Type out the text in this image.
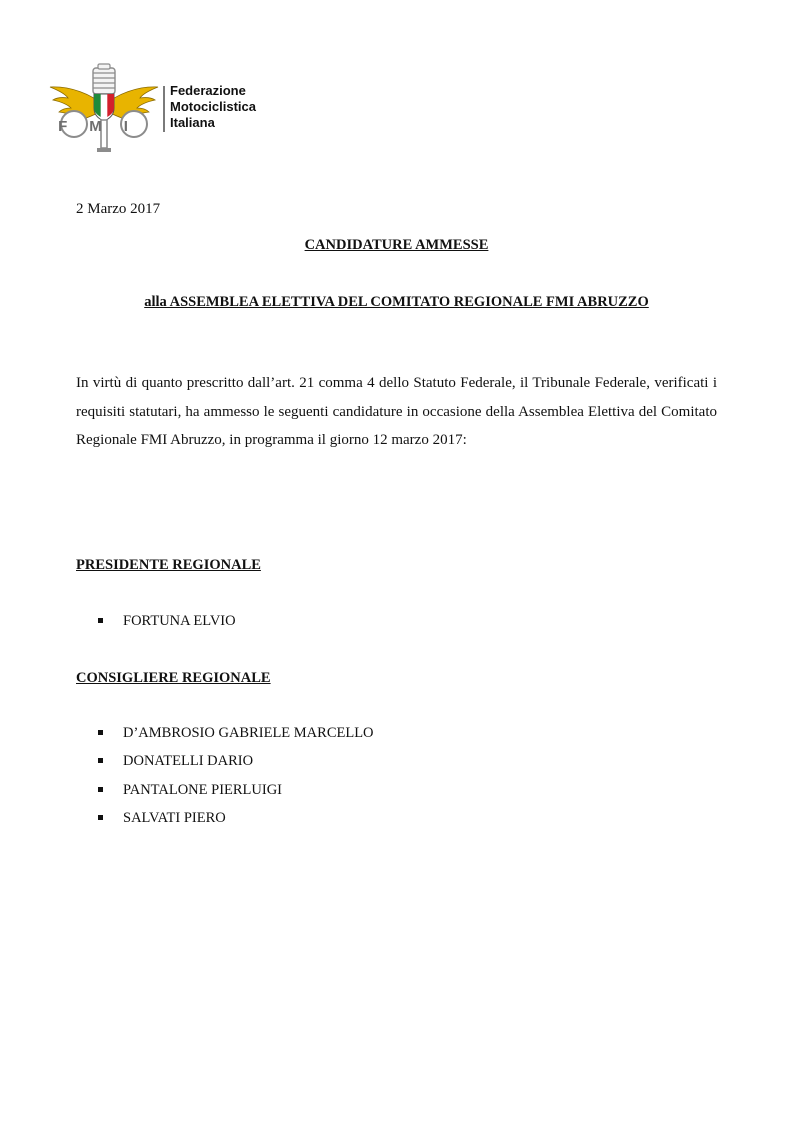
FMI
Federazione
Motociclistica
Italiana
2 Marzo 2017
CANDIDATURE AMMESSE
alla ASSEMBLEA ELETTIVA DEL COMITATO REGIONALE FMI ABRUZZO

In virtù di quanto prescritto dall’art. 21 comma 4 dello Statuto Federale, il Tribunale Federale, verificati i requisiti statutari, ha ammesso le seguenti candidature in occasione della Assemblea Elettiva del Comitato Regionale FMI Abruzzo, in programma il giorno 12 marzo 2017:

PRESIDENTE REGIONALE
FORTUNA ELVIO
CONSIGLIERE REGIONALE
D’AMBROSIO GABRIELE MARCELLO
DONATELLI DARIO
PANTALONE PIERLUIGI
SALVATI PIERO
